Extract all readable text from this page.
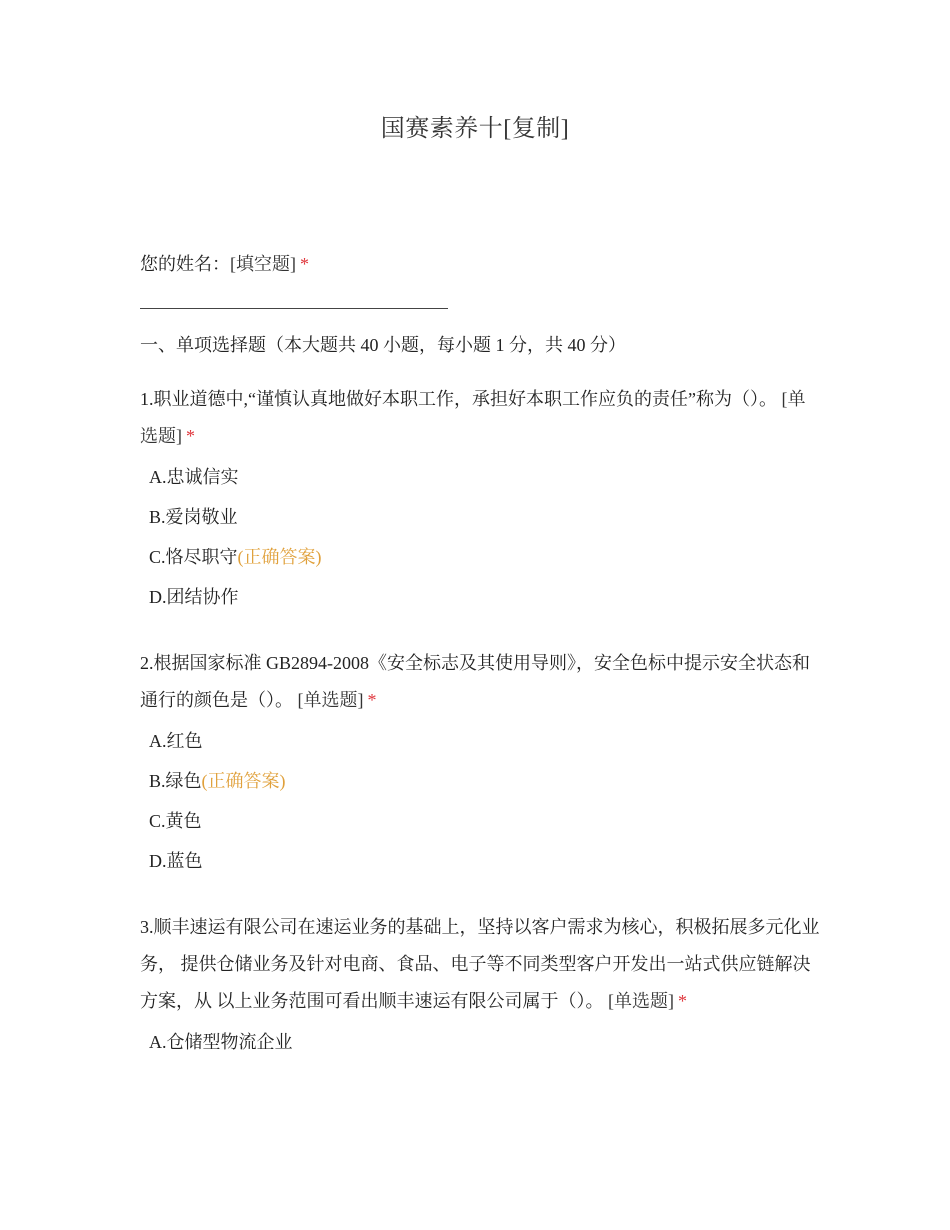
国赛素养十[复制]
您的姓名：[填空题] *
一、单项选择题（本大题共 40 小题，每小题 1 分，共 40 分）
1.职业道德中,“谨慎认真地做好本职工作，承担好本职工作应负的责任”称为（）。 [单选题] *
A.忠诚信实
B.爱岗敬业
C.恪尽职守(正确答案)
D.团结协作
2.根据国家标准 GB2894-2008《安全标志及其使用导则》，安全色标中提示安全状态和通行的颜色是（）。 [单选题] *
A.红色
B.绿色(正确答案)
C.黄色
D.蓝色
3.顺丰速运有限公司在速运业务的基础上，坚持以客户需求为核心，积极拓展多元化业务， 提供仓储业务及针对电商、食品、电子等不同类型客户开发出一站式供应链解决方案，从 以上业务范围可看出顺丰速运有限公司属于（）。 [单选题] *
A.仓储型物流企业
